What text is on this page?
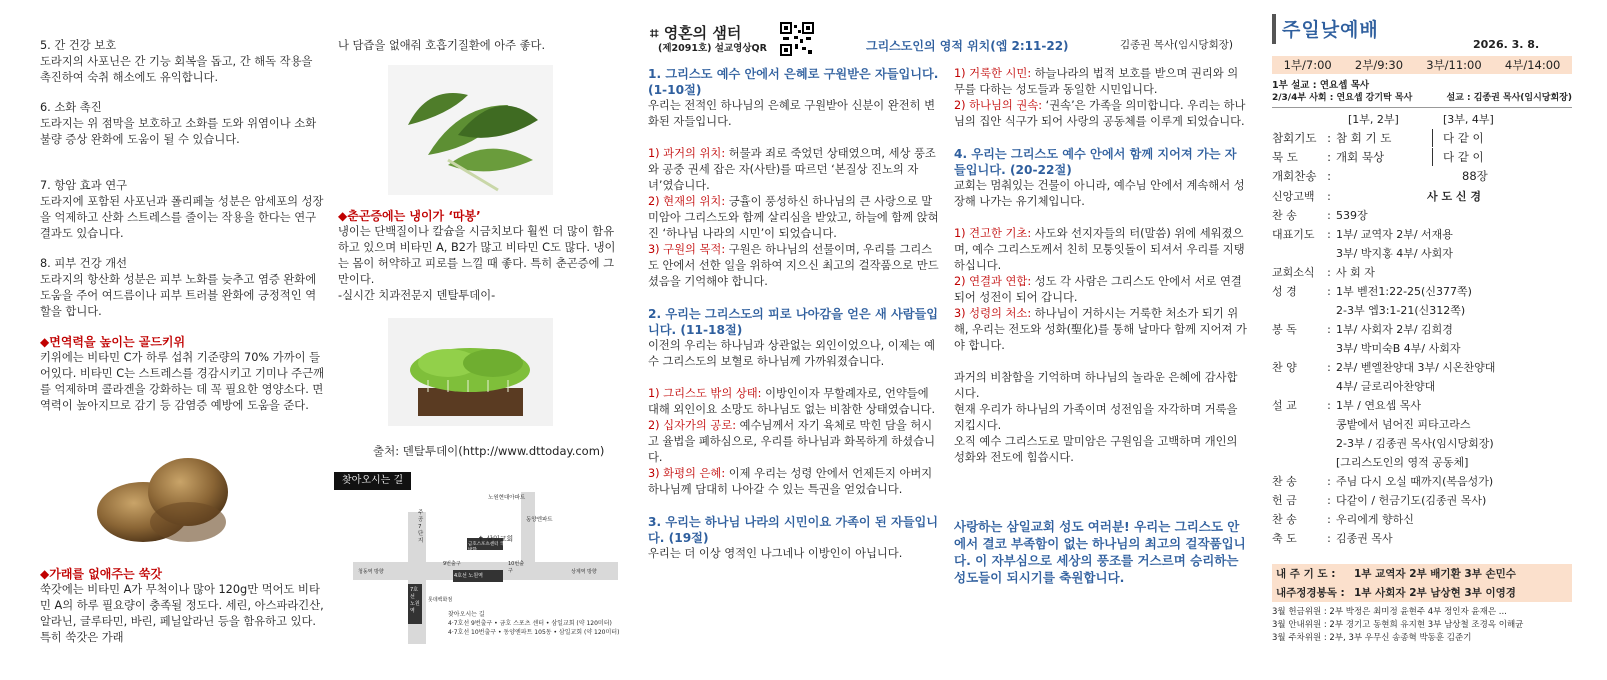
5. 간 건강 보호

도라지의 사포닌은 간 기능 회복을 돕고, 간 해독 작용을 촉진하여 숙취 해소에도 유익합니다.

6. 소화 촉진

도라지는 위 점막을 보호하고 소화를 도와 위염이나 소화불량 증상 완화에 도움이 될 수 있습니다.

7. 항암 효과 연구

도라지에 포함된 사포닌과 폴리페놀 성분은 암세포의 성장을 억제하고 산화 스트레스를 줄이는 작용을 한다는 연구 결과도 있습니다.

8. 피부 건강 개선

도라지의 항산화 성분은 피부 노화를 늦추고 염증 완화에 도움을 주어 여드름이나 피부 트러블 완화에 긍정적인 역할을 합니다.

◆면역력을 높이는 골드키위

키위에는 비타민 C가 하루 섭취 기준량의 70% 가까이 들어있다. 비타민 C는 스트레스를 경감시키고 기미나 주근깨를 억제하며 콜라겐을 강화하는 데 꼭 필요한 영양소다. 면역력이 높아지므로 감기 등 감염증 예방에 도움을 준다.

◆가래를 없애주는 쑥갓

쑥갓에는 비타민 A가 무척이나 많아 120g만 먹어도 비타민 A의 하루 필요량이 충족될 정도다. 세린, 아스파라긴산, 알라닌, 글루타민, 바린, 페닐알라닌 등을 함유하고 있다. 특히 쑥갓은 가래

나 담즙을 없애줘 호흡기질환에 아주 좋다.

◆춘곤증에는 냉이가 ‘따봉’

냉이는 단백질이나 칼슘을 시금치보다 훨씬 더 많이 함유하고 있으며 비타민 A, B2가 많고 비타민 C도 많다. 냉이는 몸이 허약하고 피로를 느낄 때 좋다. 특히 춘곤증에 그만이다.

-실시간 치과전문지 덴탈투데이-

출처: 덴탈투데이(http://www.dttoday.com)

찾아오시는 길
노원현대아파트
동양엔파트
✝ 삼일교회
주공7단지
청동역 방향
9번출구	10번출구	상계역 방향
4호선 노원역
7호선 노원역
롯데백화점
금호스포츠센터 국민은행 방향

찾아오시는 길

4·7호선 9번출구 • 금호 스포츠 센터 • 삼일교회 (약 120미터)

4·7호선 10번출구 • 동양엔파트 105동 • 삼일교회 (약 120미터)

⌗ 영혼의 샘터
(제2091호) 설교영상QR	그리스도인의 영적 위치(엡 2:11-22)	김종권 목사(임시당회장)

1. 그리스도 예수 안에서 은혜로 구원받은 자들입니다. (1-10절)

우리는 전적인 하나님의 은혜로 구원받아 신분이 완전히 변화된 자들입니다.

1) 과거의 위치: 허물과 죄로 죽었던 상태였으며, 세상 풍조와 공중 권세 잡은 자(사탄)를 따르던 ‘본질상 진노의 자녀’였습니다.

2) 현재의 위치: 긍휼이 풍성하신 하나님의 큰 사랑으로 말미암아 그리스도와 함께 살리심을 받았고, 하늘에 함께 앉혀진 ‘하나님 나라의 시민’이 되었습니다.

3) 구원의 목적: 구원은 하나님의 선물이며, 우리를 그리스도 안에서 선한 일을 위하여 지으신 최고의 걸작품으로 만드셨음을 기억해야 합니다.

2. 우리는 그리스도의 피로 나아감을 얻은 새 사람들입니다. (11-18절)

이전의 우리는 하나님과 상관없는 외인이었으나, 이제는 예수 그리스도의 보혈로 하나님께 가까워졌습니다.

1) 그리스도 밖의 상태: 이방인이자 무할례자로, 언약들에 대해 외인이요 소망도 하나님도 없는 비참한 상태였습니다.

2) 십자가의 공로: 예수님께서 자기 육체로 막힌 담을 허시고 율법을 폐하심으로, 우리를 하나님과 화목하게 하셨습니다.

3) 화평의 은혜: 이제 우리는 성령 안에서 언제든지 아버지 하나님께 담대히 나아갈 수 있는 특권을 얻었습니다.

3. 우리는 하나님 나라의 시민이요 가족이 된 자들입니다. (19절)

우리는 더 이상 영적인 나그네나 이방인이 아닙니다.

1) 거룩한 시민: 하늘나라의 법적 보호를 받으며 권리와 의무를 다하는 성도들과 동일한 시민입니다.

2) 하나님의 권속: ‘권속’은 가족을 의미합니다. 우리는 하나님의 집안 식구가 되어 사랑의 공동체를 이루게 되었습니다.

4. 우리는 그리스도 예수 안에서 함께 지어져 가는 자들입니다. (20-22절)

교회는 멈춰있는 건물이 아니라, 예수님 안에서 계속해서 성장해 나가는 유기체입니다.

1) 견고한 기초: 사도와 선지자들의 터(말씀) 위에 세워졌으며, 예수 그리스도께서 친히 모퉁잇돌이 되셔서 우리를 지탱하십니다.

2) 연결과 연합: 성도 각 사람은 그리스도 안에서 서로 연결되어 성전이 되어 갑니다.

3) 성령의 처소: 하나님이 거하시는 거룩한 처소가 되기 위해, 우리는 전도와 성화(聖化)를 통해 날마다 함께 지어져 가야 합니다.

과거의 비참함을 기억하며 하나님의 놀라운 은혜에 감사합시다.

현재 우리가 하나님의 가족이며 성전임을 자각하며 거룩을 지킵시다.

오직 예수 그리스도로 말미암은 구원임을 고백하며 개인의 성화와 전도에 힘씁시다.

사랑하는 삼일교회 성도 여러분! 우리는 그리스도 안에서 결코 부족함이 없는 하나님의 최고의 걸작품입니다. 이 자부심으로 세상의 풍조를 거스르며 승리하는 성도들이 되시기를 축원합니다.

주일낮예배
2026. 3. 8.
1부/7:00 2부/9:30 3부/11:00 4부/14:00
1부 설교 : 연요셉 목사
2/3/4부 사회 : 연요셉 강기탁 목사	설교 : 김종권 목사(임시당회장)
[1부, 2부]	[3부, 4부]
참회기도 : 참 회 기 도	다 같 이
묵 도	: 개회 묵상	다 같 이
개회찬송 :	88장
신앙고백	:	사 도 신 경
찬 송	: 539장
대표기도	: 1부/ 교역자 2부/ 서재용
3부/ 박지홍 4부/ 사회자
교회소식	: 사 회 자
성 경	: 1부 벧전1:22-25(신377쪽)
2-3부 엡3:1-21(신312쪽)
봉 독	: 1부/ 사회자 2부/ 김희경
3부/ 박미숙B 4부/ 사회자
찬 양	: 2부/ 벧엘찬양대 3부/ 시온찬양대
4부/ 글로리아찬양대
설 교	: 1부 / 연요셉 목사
콩밭에서 넘어진 피타고라스
2-3부 / 김종권 목사(임시당회장)
[그리스도인의 영적 공동체]
찬 송	: 주님 다시 오실 때까지(복음성가)
헌 금	: 다같이 / 헌금기도(김종권 목사)
찬 송	: 우리에게 향하신
축 도	: 김종권 목사
내 주 기 도 :	1부 교역자 2부 배기환 3부 손민수
내주정경봉독 : 1부 사회자 2부 남상현 3부 이영경

3월 헌금위원 : 2부 박정은 최미정 윤현주 4부 정인자 윤재은 ...

3월 안내위원 : 2부 경기고 동현희 유지현 3부 남상철 조경옥 이해균

3월 주차위원 : 2부, 3부 우무신 송종혁 박동훈 김준기
